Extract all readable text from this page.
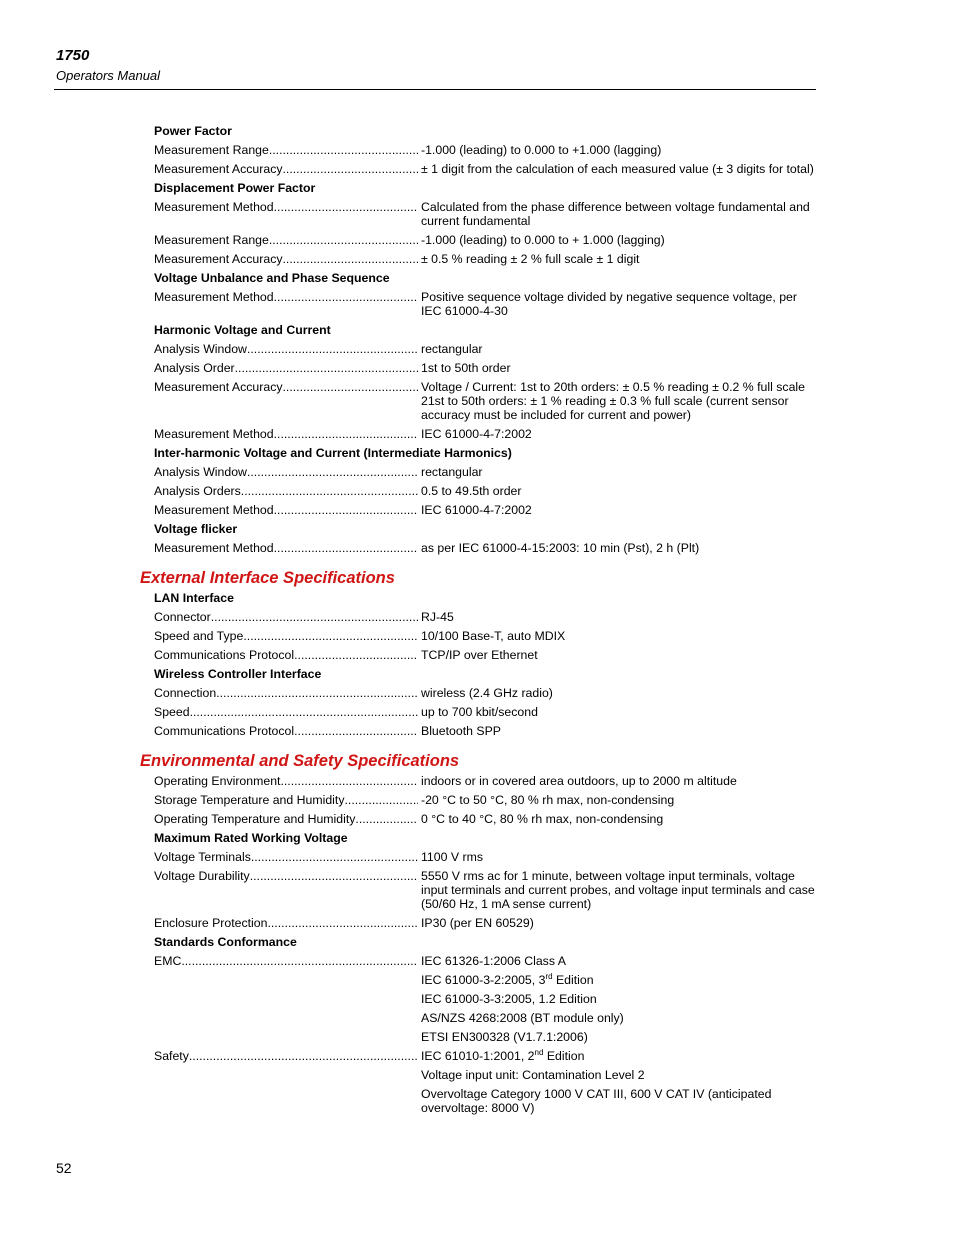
1750
Operators Manual
Power Factor
Measurement Range .....	-1.000 (leading) to 0.000 to +1.000 (lagging)
Measurement Accuracy .....	± 1 digit from the calculation of each measured value (± 3 digits for total)
Displacement Power Factor
Measurement Method .....	Calculated from the phase difference between voltage fundamental and current fundamental
Measurement Range .....	-1.000 (leading) to 0.000 to + 1.000 (lagging)
Measurement Accuracy .....	± 0.5 % reading ± 2 % full scale ± 1 digit
Voltage Unbalance and Phase Sequence
Measurement Method .....	Positive sequence voltage divided by negative sequence voltage, per IEC 61000-4-30
Harmonic Voltage and Current
Analysis Window .....	rectangular
Analysis Order .....	1st to 50th order
Measurement Accuracy .....	Voltage / Current: 1st to 20th orders: ± 0.5 % reading ± 0.2 % full scale 21st to 50th orders: ± 1 % reading ± 0.3 % full scale (current sensor accuracy must be included for current and power)
Measurement Method .....	IEC 61000-4-7:2002
Inter-harmonic Voltage and Current (Intermediate Harmonics)
Analysis Window .....	rectangular
Analysis Orders .....	0.5 to 49.5th order
Measurement Method .....	IEC 61000-4-7:2002
Voltage flicker
Measurement Method .....	as per IEC 61000-4-15:2003: 10 min (Pst), 2 h (Plt)
External Interface Specifications
LAN Interface
Connector .....	RJ-45
Speed and Type .....	10/100 Base-T, auto MDIX
Communications Protocol .....	TCP/IP over Ethernet
Wireless Controller Interface
Connection .....	wireless (2.4 GHz radio)
Speed .....	up to 700 kbit/second
Communications Protocol .....	Bluetooth SPP
Environmental and Safety Specifications
Operating Environment .....	indoors or in covered area outdoors, up to 2000 m altitude
Storage Temperature and Humidity .....	-20 °C to 50 °C, 80 % rh max, non-condensing
Operating Temperature and Humidity .....	0 °C to 40 °C, 80 % rh max, non-condensing
Maximum Rated Working Voltage
Voltage Terminals .....	1100 V rms
Voltage Durability .....	5550 V rms ac for 1 minute, between voltage input terminals, voltage input terminals and current probes, and voltage input terminals and case (50/60 Hz, 1 mA sense current)
Enclosure Protection .....	IP30 (per EN 60529)
Standards Conformance
EMC .....	IEC 61326-1:2006 Class A
IEC 61000-3-2:2005, 3rd Edition
IEC 61000-3-3:2005, 1.2 Edition
AS/NZS 4268:2008 (BT module only)
ETSI EN300328 (V1.7.1:2006)
Safety .....	IEC 61010-1:2001, 2nd Edition
Voltage input unit: Contamination Level 2
Overvoltage Category 1000 V CAT III, 600 V CAT IV (anticipated overvoltage: 8000 V)
52
